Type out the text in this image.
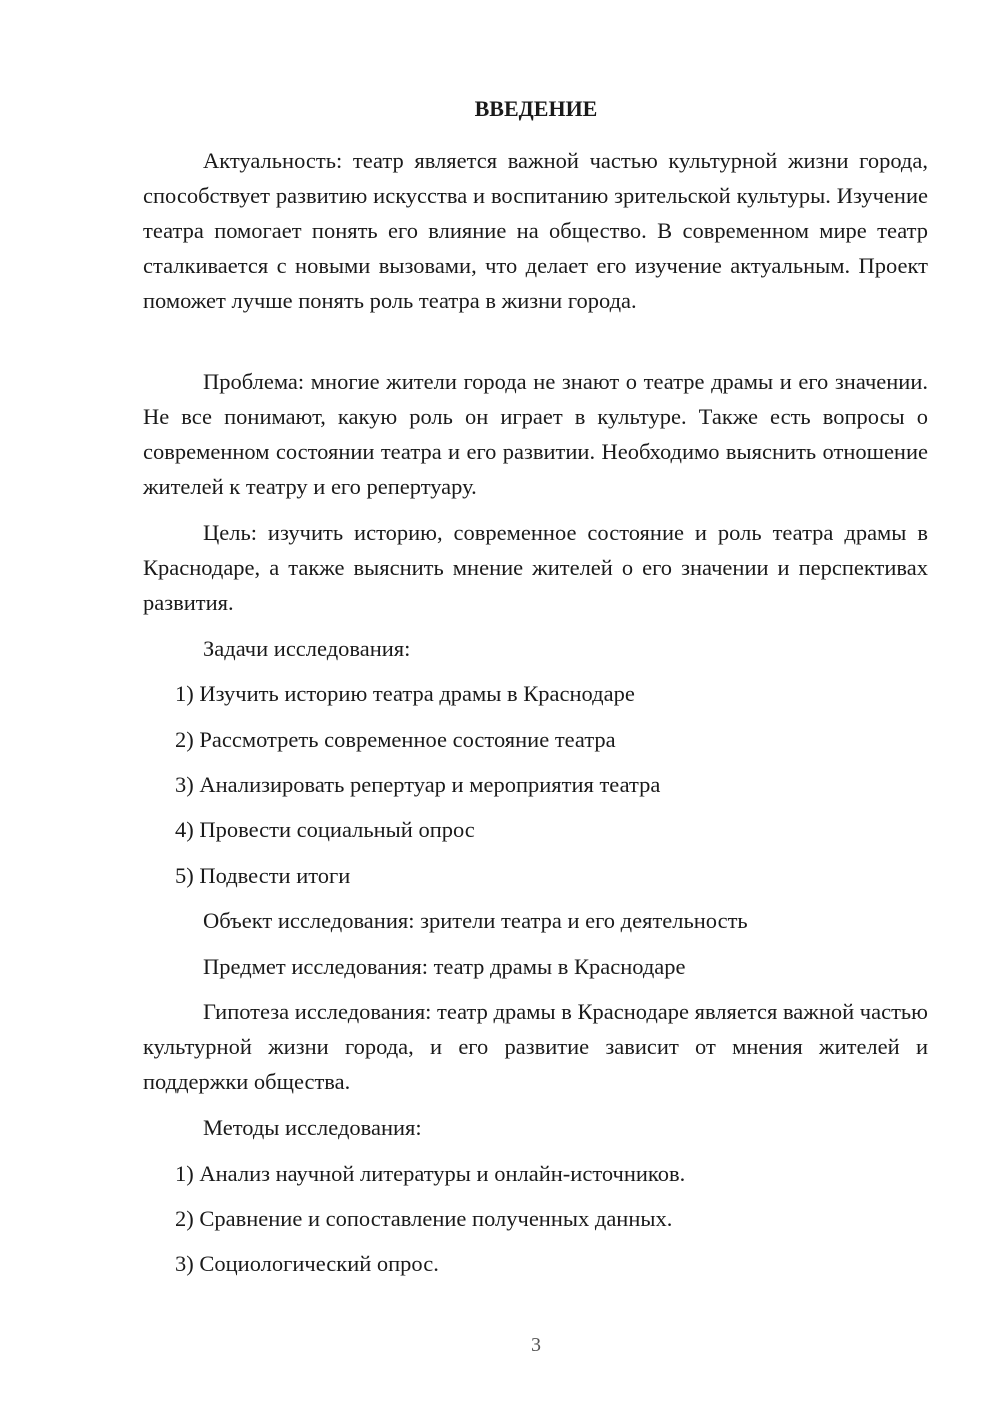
ВВЕДЕНИЕ

Актуальность: театр является важной частью культурной жизни города, способствует развитию искусства и воспитанию зрительской культуры. Изучение театра помогает понять его влияние на общество. В современном мире театр сталкивается с новыми вызовами, что делает его изучение актуальным. Проект поможет лучше понять роль театра в жизни города.

Проблема: многие жители города не знают о театре драмы и его значении. Не все понимают, какую роль он играет в культуре. Также есть вопросы о современном состоянии театра и его развитии. Необходимо выяснить отношение жителей к театру и его репертуару.

Цель: изучить историю, современное состояние и роль театра драмы в Краснодаре, а также выяснить мнение жителей о его значении и перспективах развития.

Задачи исследования:

1) Изучить историю театра драмы в Краснодаре

2) Рассмотреть современное состояние театра

3) Анализировать репертуар и мероприятия театра

4) Провести социальный опрос

5) Подвести итоги

Объект исследования: зрители театра и его деятельность

Предмет исследования: театр драмы в Краснодаре

Гипотеза исследования: театр драмы в Краснодаре является важной частью культурной жизни города, и его развитие зависит от мнения жителей и поддержки общества.

Методы исследования:

1) Анализ научной литературы и онлайн-источников.

2) Сравнение и сопоставление полученных данных.

3) Социологический опрос.

3
